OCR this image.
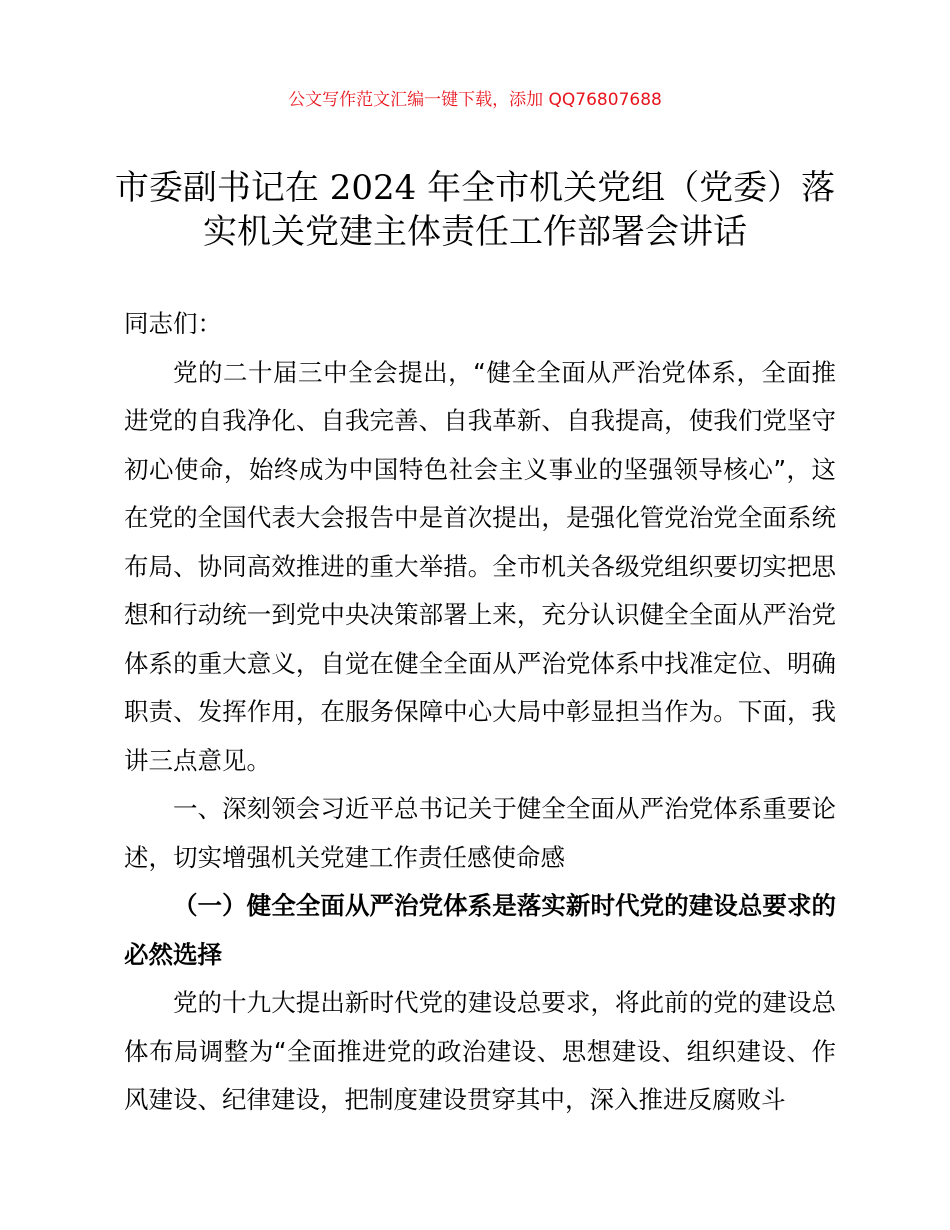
公文写作范文汇编一键下载，添加 QQ76807688
市委副书记在 2024 年全市机关党组（党委）落
实机关党建主体责任工作部署会讲话

同志们：

党的二十届三中全会提出，“健全全面从严治党体系，全面推进党的自我净化、自我完善、自我革新、自我提高，使我们党坚守初心使命，始终成为中国特色社会主义事业的坚强领导核心”，这在党的全国代表大会报告中是首次提出，是强化管党治党全面系统布局、协同高效推进的重大举措。全市机关各级党组织要切实把思想和行动统一到党中央决策部署上来，充分认识健全全面从严治党体系的重大意义，自觉在健全全面从严治党体系中找准定位、明确职责、发挥作用，在服务保障中心大局中彰显担当作为。下面，我讲三点意见。

一、深刻领会习近平总书记关于健全全面从严治党体系重要论述，切实增强机关党建工作责任感使命感

（一）健全全面从严治党体系是落实新时代党的建设总要求的必然选择

党的十九大提出新时代党的建设总要求，将此前的党的建设总体布局调整为“全面推进党的政治建设、思想建设、组织建设、作风建设、纪律建设，把制度建设贯穿其中，深入推进反腐败斗
